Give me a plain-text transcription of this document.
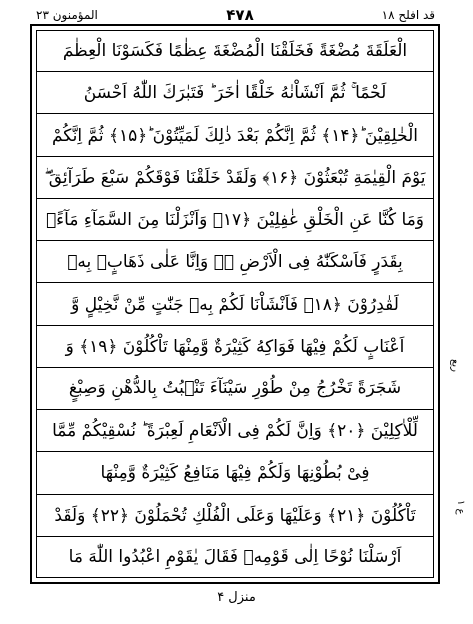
المؤمنون ۲۳	۴۷۸	قد افلح ۱۸
الْعَلَقَةَ مُضْغَةً فَخَلَقْنَا الْمُضْغَةَ عِظٰمًا فَكَسَوْنَا الْعِظٰمَ
لَحْمًا ۚ ثُمَّ اَنْشَاْنٰهُ خَلْقًا اٰخَرَ ؕ فَتَبٰرَكَ اللّٰهُ اَحْسَنُ
الْخٰلِقِیْنَ ؕ﴿۱۴﴾ ثُمَّ اِنَّكُمْ بَعْدَ ذٰلِكَ لَمَیِّتُوْنَ ؕ﴿۱۵﴾ ثُمَّ اِنَّكُمْ
یَوْمَ الْقِیٰمَةِ تُبْعَثُوْنَ ﴿۱۶﴾ وَلَقَدْ خَلَقْنَا فَوْقَكُمْ سَبْعَ طَرَآئِقَ ۖ
وَمَا كُنَّا عَنِ الْخَلْقِ غٰفِلِیْنَ ﴿۱۷﴾ وَاَنْزَلْنَا مِنَ السَّمَآءِ مَآءًۢ
بِقَدَرٍ فَاَسْكَنّٰهُ فِی الْاَرْضِ ۖۗ وَاِنَّا عَلٰی ذَهَابٍۭ بِهٖ
لَقٰدِرُوْنَ ﴿۱۸﴾ فَاَنْشَاْنَا لَكُمْ بِهٖ جَنّٰتٍ مِّنْ نَّخِیْلٍ وَّ
اَعْنَابٍ لَكُمْ فِیْهَا فَوَاكِهُ كَثِیْرَةٌ وَّمِنْهَا تَاْكُلُوْنَ ﴿۱۹﴾ وَ
شَجَرَةً تَخْرُجُ مِنْ طُوْرِ سَیْنَآءَ تَنْۢبُتُ بِالدُّهْنِ وَصِبْغٍ
لِّلْاٰكِلِیْنَ ﴿۲۰﴾ وَاِنَّ لَكُمْ فِی الْاَنْعَامِ لَعِبْرَةً ؕ نُسْقِیْكُمْ مِّمَّا
فِیْ بُطُوْنِهَا وَلَكُمْ فِیْهَا مَنَافِعُ كَثِیْرَةٌ وَّمِنْهَا
تَاْكُلُوْنَ ﴿۲۱﴾ وَعَلَیْهَا وَعَلَی الْفُلْكِ تُحْمَلُوْنَ ﴿۲۲﴾ وَلَقَدْ
اَرْسَلْنَا نُوْحًا اِلٰی قَوْمِهٖ فَقَالَ یٰقَوْمِ اعْبُدُوا اللّٰهَ مَا
ربع
ع ۱
منزل ۴
